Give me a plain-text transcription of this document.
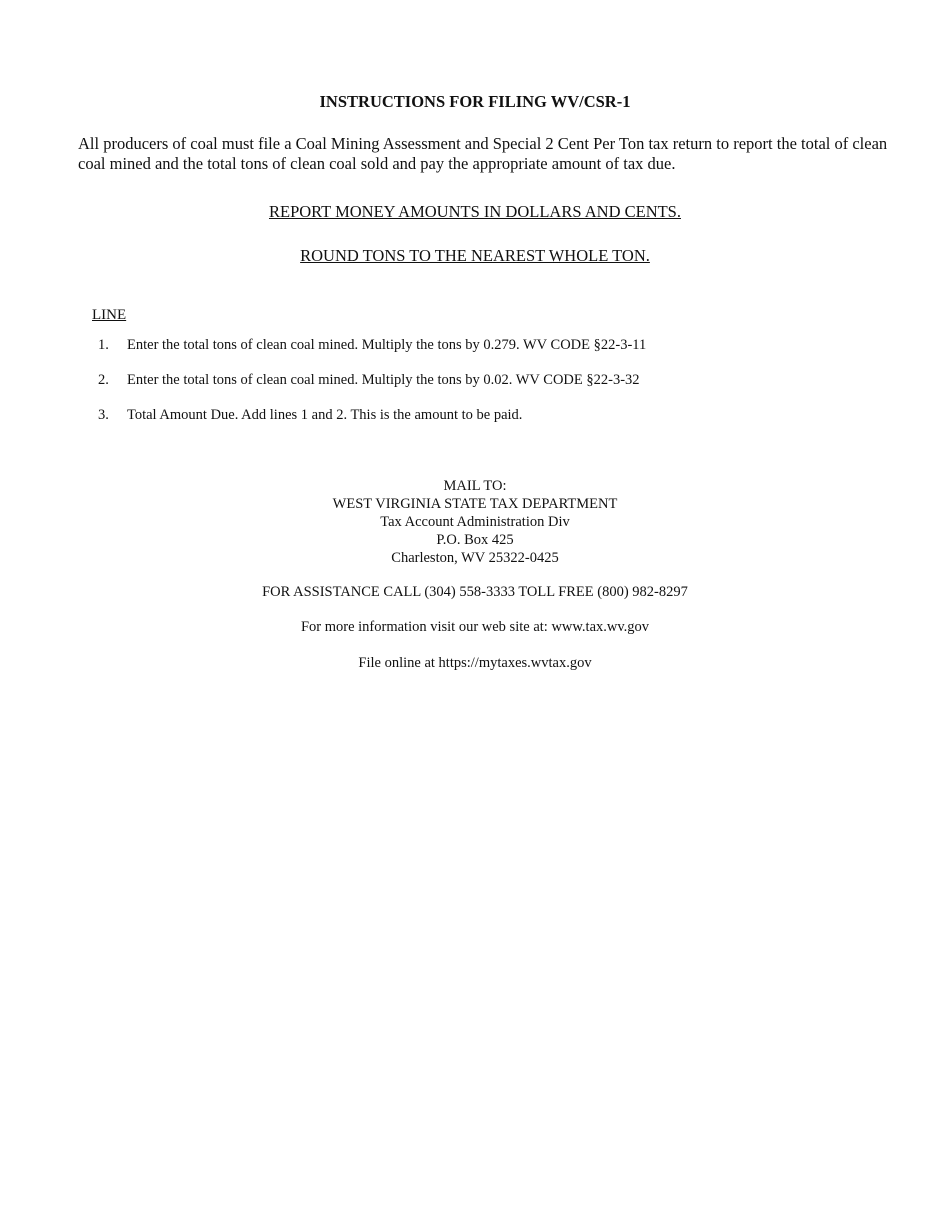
INSTRUCTIONS FOR FILING WV/CSR-1
All producers of coal must file a Coal Mining Assessment and Special 2 Cent Per Ton tax return to report the total of clean coal mined and the total tons of clean coal sold and pay the appropriate amount of tax due.
REPORT MONEY AMOUNTS IN DOLLARS AND CENTS.
ROUND TONS TO THE NEAREST WHOLE TON.
LINE
1. Enter the total tons of clean coal mined. Multiply the tons by 0.279. WV CODE §22-3-11
2. Enter the total tons of clean coal mined. Multiply the tons by 0.02. WV CODE §22-3-32
3. Total Amount Due. Add lines 1 and 2. This is the amount to be paid.
MAIL TO:
WEST VIRGINIA STATE TAX DEPARTMENT
Tax Account Administration Div
P.O. Box 425
Charleston, WV 25322-0425
FOR ASSISTANCE CALL (304) 558-3333 TOLL FREE (800) 982-8297
For more information visit our web site at: www.tax.wv.gov
File online at https://mytaxes.wvtax.gov
